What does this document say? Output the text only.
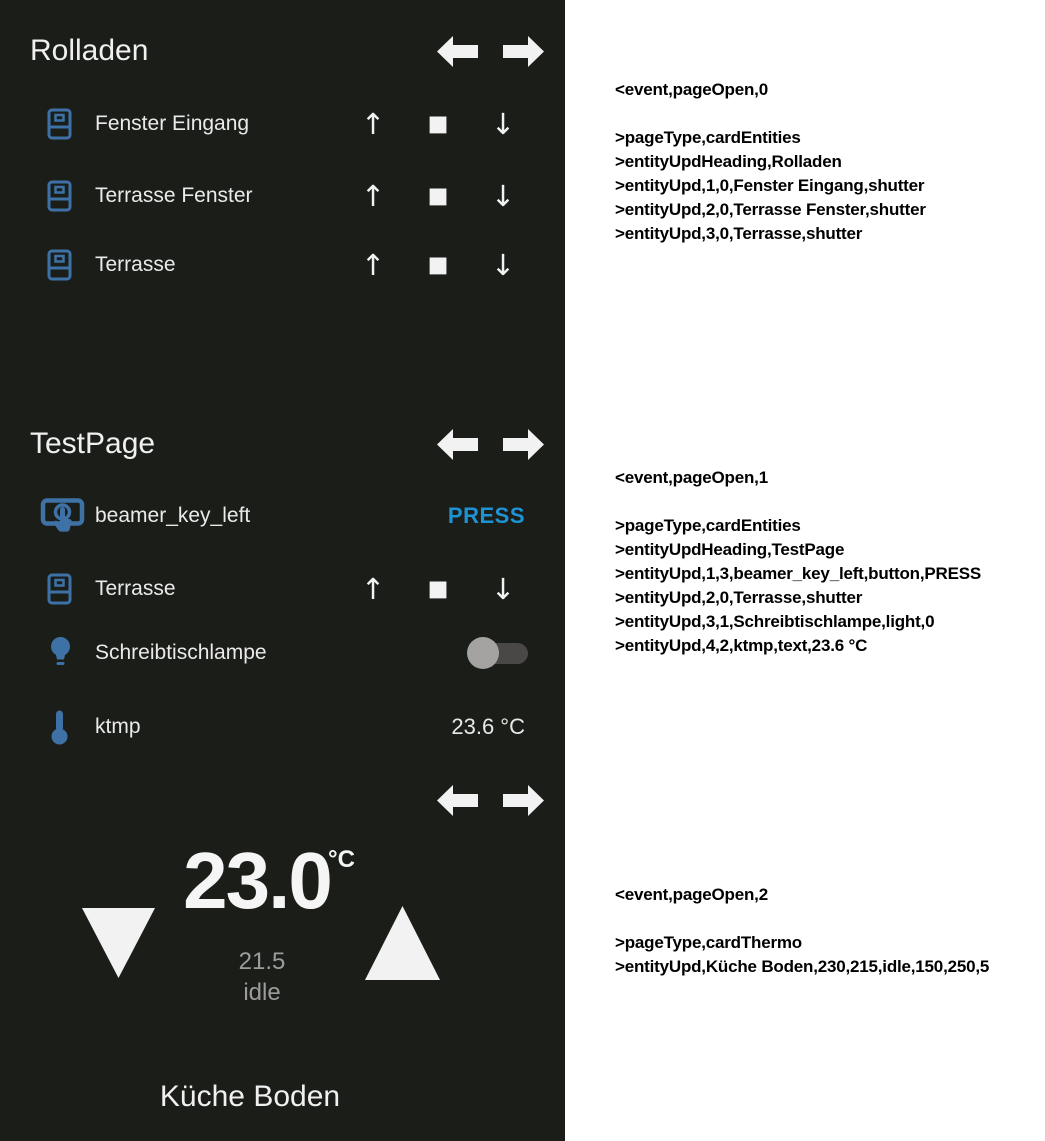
Rolladen
Fenster Eingang	↑ ■ ↓
Terrasse Fenster	↑ ■ ↓
Terrasse	↑ ■ ↓
TestPage
beamer_key_left	PRESS
Terrasse	↑ ■ ↓
Schreibtischlampe
ktmp	23.6 °C
23.0
°C
21.5
idle
Küche Boden
<event,pageOpen,0
>pageType,cardEntities
>entityUpdHeading,Rolladen
>entityUpd,1,0,Fenster Eingang,shutter
>entityUpd,2,0,Terrasse Fenster,shutter
>entityUpd,3,0,Terrasse,shutter
<event,pageOpen,1
>pageType,cardEntities
>entityUpdHeading,TestPage
>entityUpd,1,3,beamer_key_left,button,PRESS
>entityUpd,2,0,Terrasse,shutter
>entityUpd,3,1,Schreibtischlampe,light,0
>entityUpd,4,2,ktmp,text,23.6 °C
<event,pageOpen,2
>pageType,cardThermo
>entityUpd,Küche Boden,230,215,idle,150,250,5
